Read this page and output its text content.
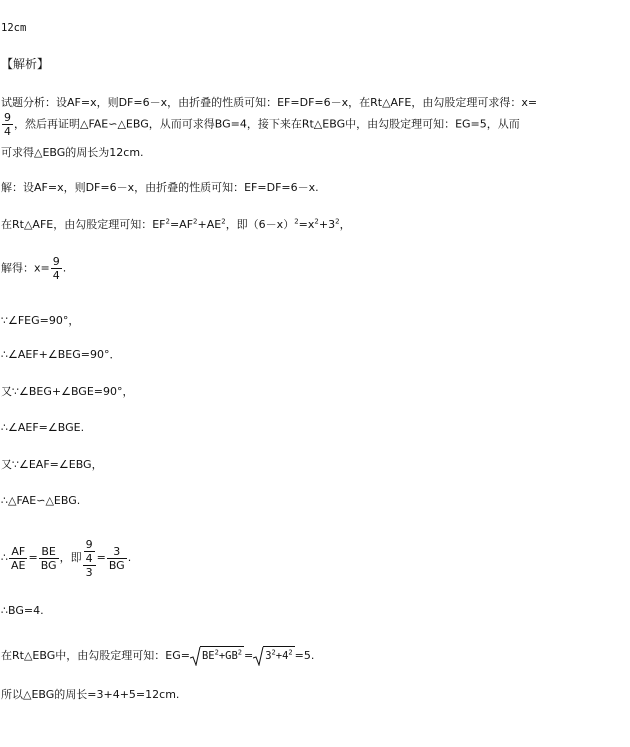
12cm
【解析】
试题分析：设AF=x，则DF=6－x，由折叠的性质可知：EF=DF=6－x，在Rt△AFE，由勾股定理可求得：x=
$\frac{9}{4}$ ，然后再证明△FAE∽△EBG，从而可求得BG=4，接下来在Rt△EBG中，由勾股定理可知：EG=5，从而
可求得△EBG的周长为12cm.
解：设AF=x，则DF=6－x，由折叠的性质可知：EF=DF=6－x.
在Rt△AFE，由勾股定理可知：$EF^2=AF^2+AE^2$，即$(6-x)^2=x^2+3^2$，
解得：$x= \frac{9}{4}$ .
∵∠FEG=90°，
∴∠AEF+∠BEG=90°．
又∵∠BEG+∠BGE=90°，
∴∠AEF=∠BGE.
又∵∠EAF=∠EBG，
∴△FAE∽△EBG.
∴ $\frac{AF}{AE} = \frac{BE}{BG}$ ，即 $\frac{\frac{9}{4}}{3} = \frac{3}{BG}$ .
∴BG=4.
在Rt△EBG中，由勾股定理可知：EG=	$BE^2+GB^2$ =	$3^2+4^2 =5$.
所以△EBG的周长=3+4+5=12cm.
